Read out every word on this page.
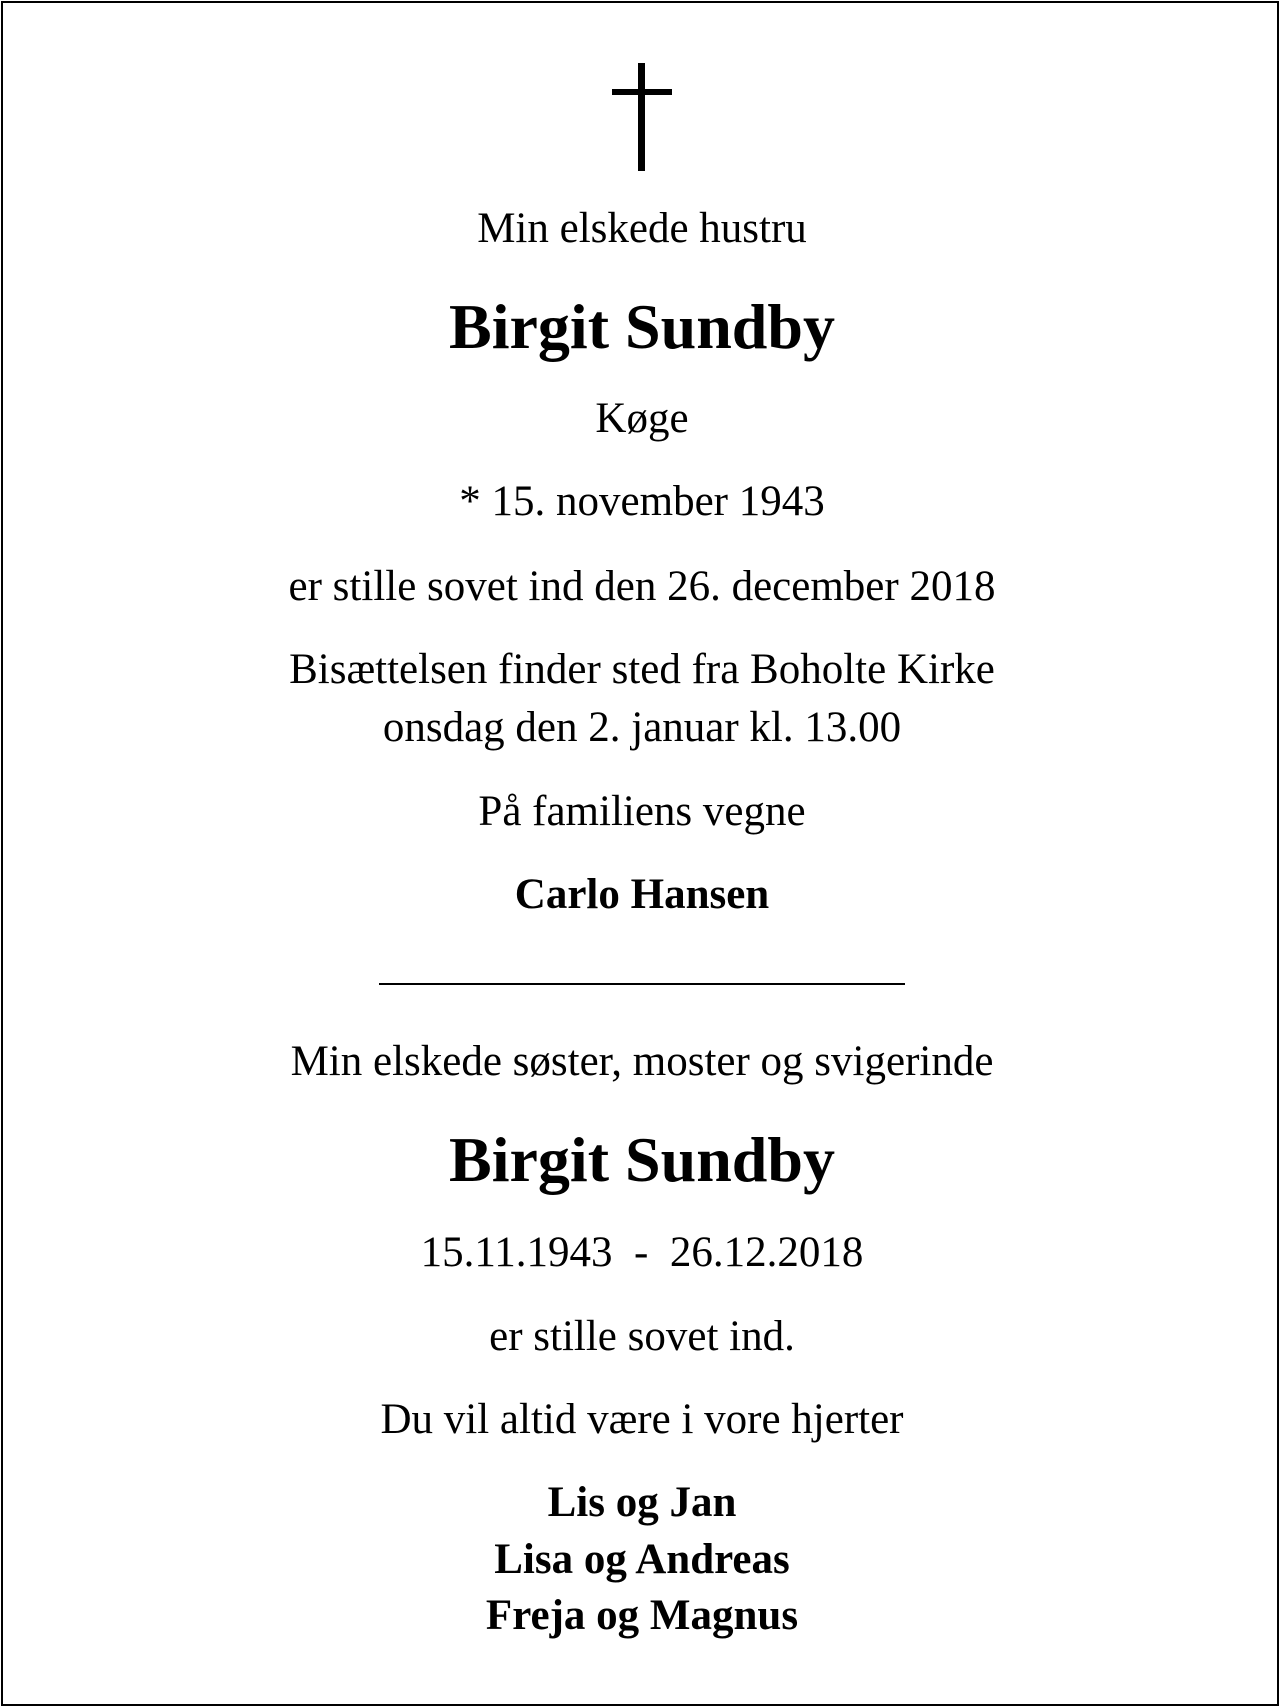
Min elskede hustru
Birgit Sundby
Køge
* 15. november 1943
er stille sovet ind den 26. december 2018
Bisættelsen finder sted fra Boholte Kirke
onsdag den 2. januar kl. 13.00
På familiens vegne
Carlo Hansen
Min elskede søster, moster og svigerinde
Birgit Sundby
15.11.1943  -  26.12.2018
er stille sovet ind.
Du vil altid være i vore hjerter
Lis og Jan
Lisa og Andreas
Freja og Magnus
